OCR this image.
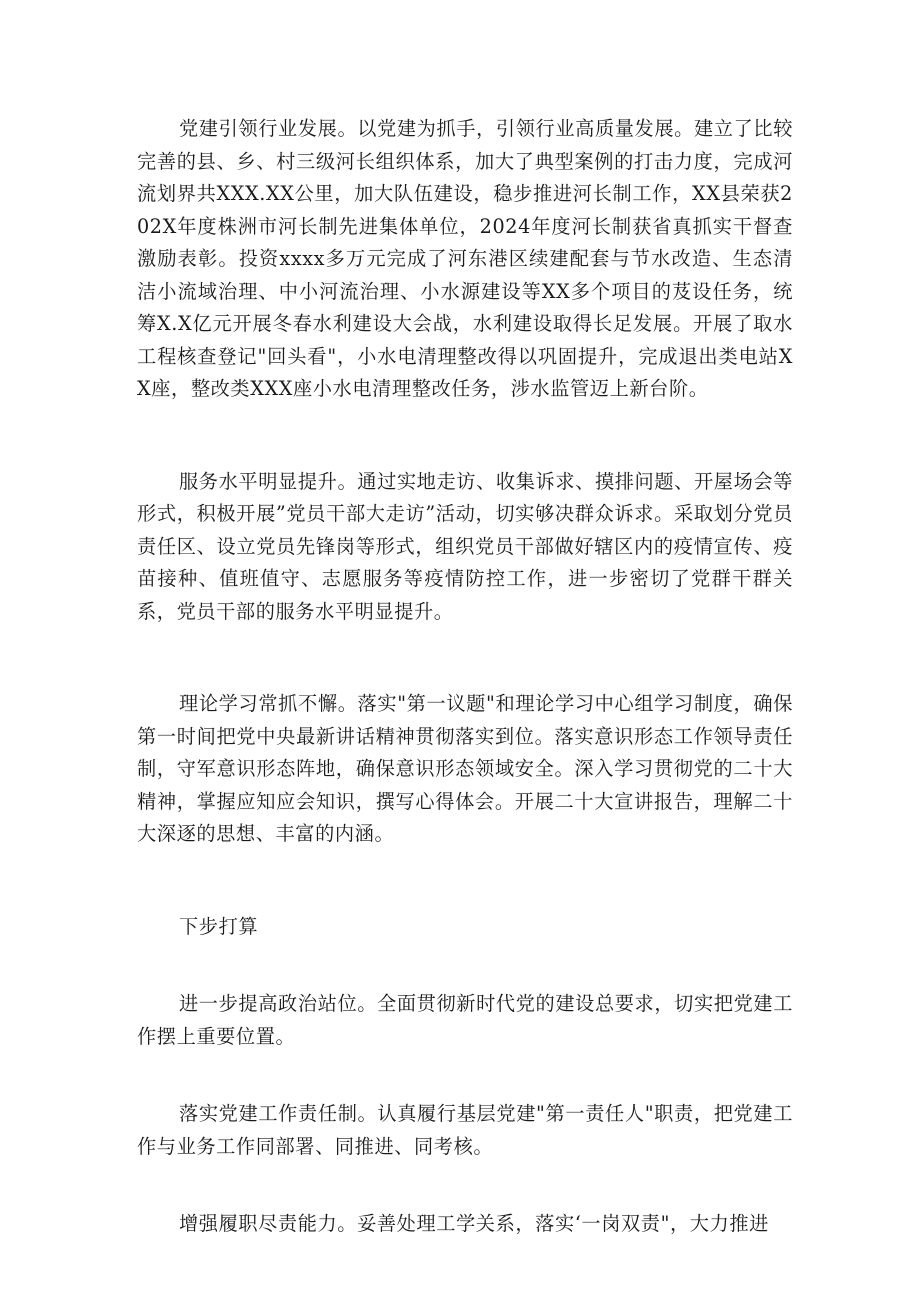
党建引领行业发展。以党建为抓手，引领行业高质量发展。建立了比较完善的县、乡、村三级河长组织体系，加大了典型案例的打击力度，完成河流划界共XXX.XX公里，加大队伍建设，稳步推进河长制工作，XX县荣获202X年度株洲市河长制先进集体单位，2024年度河长制获省真抓实干督查激励表彰。投资xxxx多万元完成了河东港区续建配套与节水改造、生态清洁小流域治理、中小河流治理、小水源建设等XX多个项目的芨设任务，统筹X.X亿元开展冬春水利建设大会战，水利建设取得长足发展。开展了取水工程核查登记"回头看"，小水电清理整改得以巩固提升，完成退出类电站XX座，整改类XXX座小水电清理整改任务，涉水监管迈上新台阶。

服务水平明显提升。通过实地走访、收集诉求、摸排问题、开屋场会等形式，积极开展”党员干部大走访”活动，切实够决群众诉求。采取划分党员责任区、设立党员先锋岗等形式，组织党员干部做好辖区内的疫情宣传、疫苗接种、值班值守、志愿服务等疫情防控工作，进一步密切了党群干群关系，党员干部的服务水平明显提升。

理论学习常抓不懈。落实"第一议题"和理论学习中心组学习制度，确保第一时间把党中央最新讲话精神贯彻落实到位。落实意识形态工作领导责任制，守军意识形态阵地，确保意识形态领域安全。深入学习贯彻党的二十大精神，掌握应知应会知识，撰写心得体会。开展二十大宣讲报告，理解二十大深逐的思想、丰富的内涵。

下步打算

进一步提高政治站位。全面贯彻新时代党的建设总要求，切实把党建工作摆上重要位置。

落实党建工作责任制。认真履行基层党建"第一责任人"职责，把党建工作与业务工作同部署、同推进、同考核。

增强履职尽责能力。妥善处理工学关系，落实‘一岗双责"，大力推进
